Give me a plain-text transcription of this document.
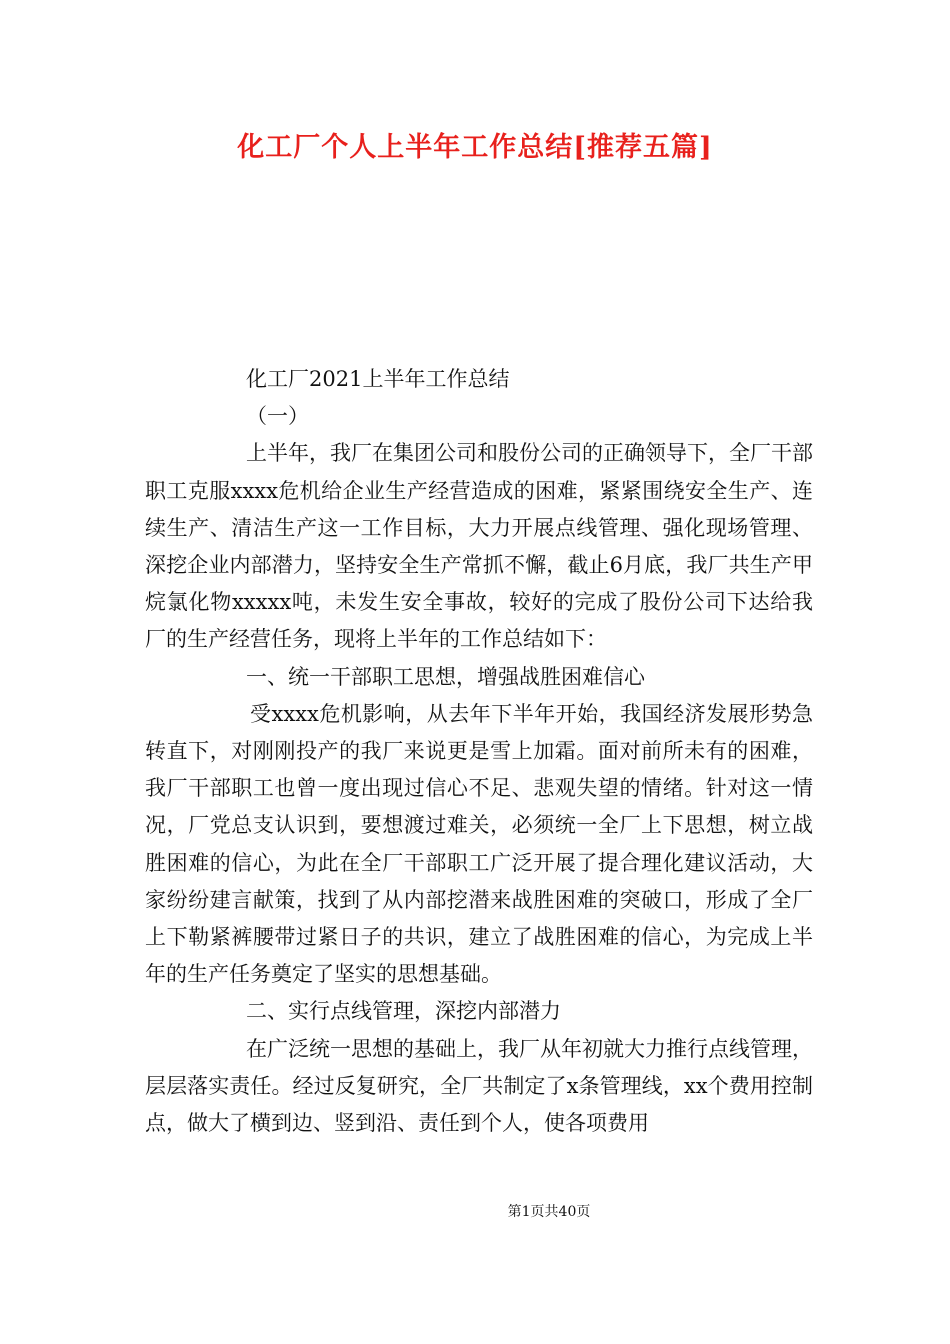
化工厂个人上半年工作总结[推荐五篇]

化工厂2021上半年工作总结

（一）

上半年，我厂在集团公司和股份公司的正确领导下，全厂干部职工克服xxxx危机给企业生产经营造成的困难，紧紧围绕安全生产、连续生产、清洁生产这一工作目标，大力开展点线管理、强化现场管理、深挖企业内部潜力，坚持安全生产常抓不懈，截止6月底，我厂共生产甲烷氯化物xxxxx吨，未发生安全事故，较好的完成了股份公司下达给我厂的生产经营任务，现将上半年的工作总结如下：

一、统一干部职工思想，增强战胜困难信心

受xxxx危机影响，从去年下半年开始，我国经济发展形势急转直下，对刚刚投产的我厂来说更是雪上加霜。面对前所未有的困难，我厂干部职工也曾一度出现过信心不足、悲观失望的情绪。针对这一情况，厂党总支认识到，要想渡过难关，必须统一全厂上下思想，树立战胜困难的信心，为此在全厂干部职工广泛开展了提合理化建议活动，大家纷纷建言献策，找到了从内部挖潜来战胜困难的突破口，形成了全厂上下勒紧裤腰带过紧日子的共识，建立了战胜困难的信心，为完成上半年的生产任务奠定了坚实的思想基础。

二、实行点线管理，深挖内部潜力

在广泛统一思想的基础上，我厂从年初就大力推行点线管理，层层落实责任。经过反复研究，全厂共制定了x条管理线，xx个费用控制点，做大了横到边、竖到沿、责任到个人，使各项费用

第1页共40页
